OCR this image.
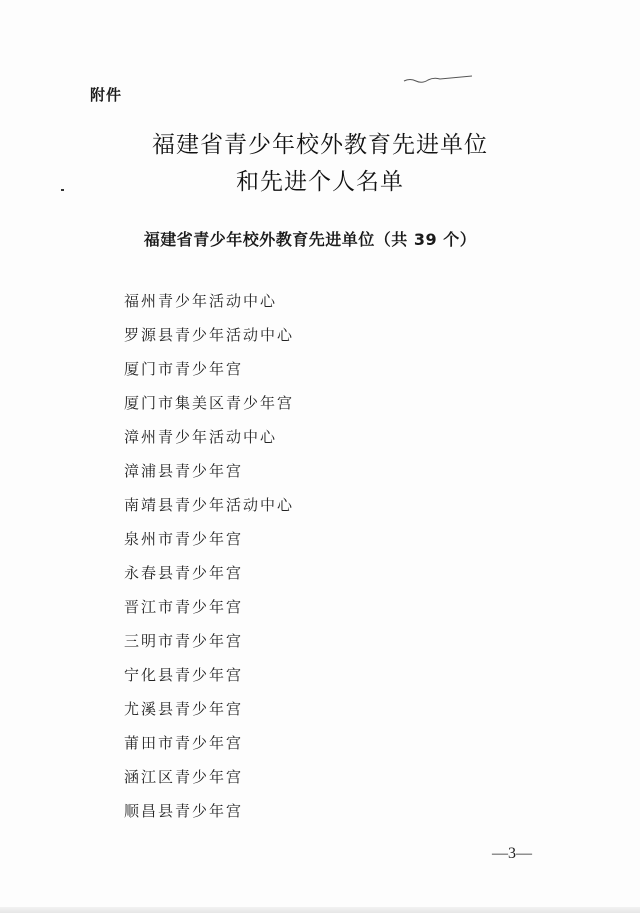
附件
福建省青少年校外教育先进单位
和先进个人名单
福建省青少年校外教育先进单位（共 39 个）
福州青少年活动中心
罗源县青少年活动中心
厦门市青少年宫
厦门市集美区青少年宫
漳州青少年活动中心
漳浦县青少年宫
南靖县青少年活动中心
泉州市青少年宫
永春县青少年宫
晋江市青少年宫
三明市青少年宫
宁化县青少年宫
尤溪县青少年宫
莆田市青少年宫
涵江区青少年宫
顺昌县青少年宫
—3—
